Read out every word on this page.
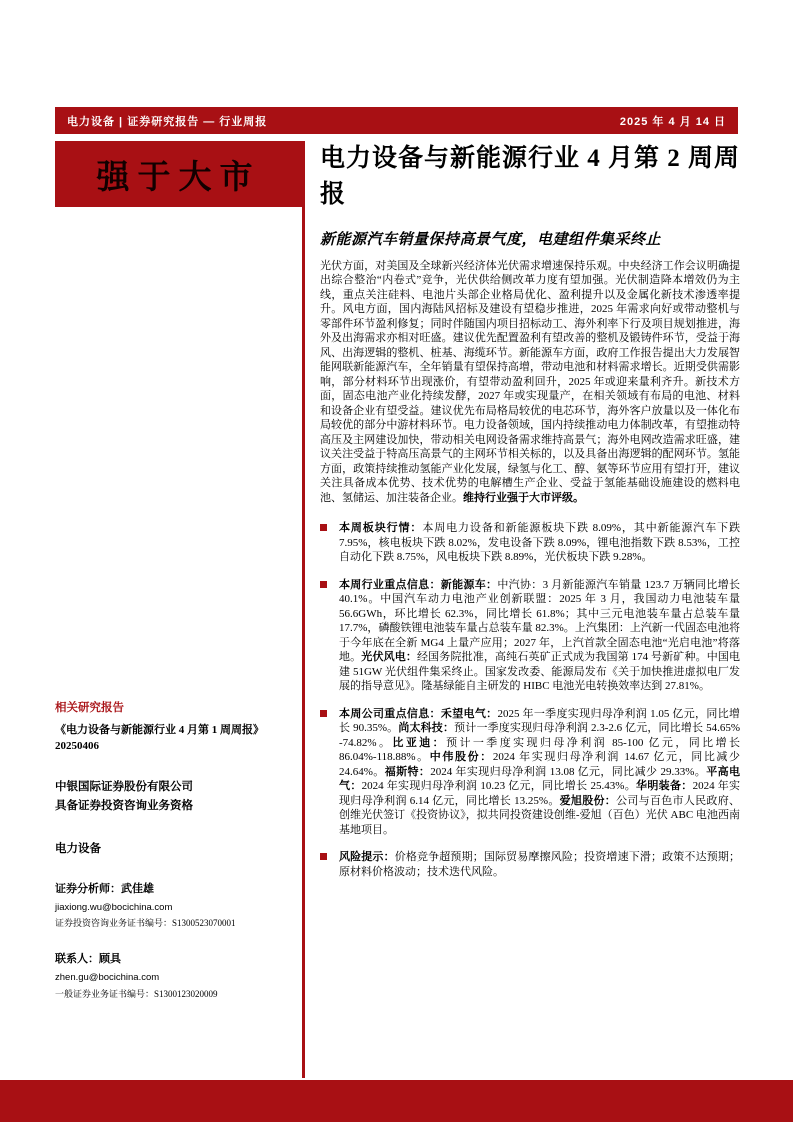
电力设备 | 证券研究报告 — 行业周报	2025 年 4 月 14 日
强于大市
电力设备与新能源行业 4 月第 2 周周报
新能源汽车销量保持高景气度，电建组件集采终止

光伏方面，对美国及全球新兴经济体光伏需求增速保持乐观。中央经济工作会议明确提出综合整治“内卷式”竞争，光伏供给侧改革力度有望加强。光伏制造降本增效仍为主线，重点关注硅料、电池片头部企业格局优化、盈利提升以及金属化新技术渗透率提升。风电方面，国内海陆风招标及建设有望稳步推进，2025 年需求向好或带动整机与零部件环节盈利修复；同时伴随国内项目招标动工、海外利率下行及项目规划推进，海外及出海需求亦相对旺盛。建议优先配置盈利有望改善的整机及锻铸件环节，受益于海风、出海逻辑的整机、桩基、海缆环节。新能源车方面，政府工作报告提出大力发展智能网联新能源汽车，全年销量有望保持高增，带动电池和材料需求增长。近期受供需影响，部分材料环节出现涨价，有望带动盈利回升，2025 年或迎来量利齐升。新技术方面，固态电池产业化持续发酵，2027 年或实现量产，在相关领域有布局的电池、材料和设备企业有望受益。建议优先布局格局较优的电芯环节，海外客户放量以及一体化布局较优的部分中游材料环节。电力设备领域，国内持续推动电力体制改革，有望推动特高压及主网建设加快，带动相关电网设备需求维持高景气；海外电网改造需求旺盛，建议关注受益于特高压高景气的主网环节相关标的，以及具备出海逻辑的配网环节。氢能方面，政策持续推动氢能产业化发展，绿氢与化工、醇、氨等环节应用有望打开，建议关注具备成本优势、技术优势的电解槽生产企业、受益于氢能基础设施建设的燃料电池、氢储运、加注装备企业。维持行业强于大市评级。

本周板块行情：本周电力设备和新能源板块下跌 8.09%，其中新能源汽车下跌 7.95%，核电板块下跌 8.02%，发电设备下跌 8.09%，锂电池指数下跌 8.53%，工控自动化下跌 8.75%，风电板块下跌 8.89%，光伏板块下跌 9.28%。
本周行业重点信息：新能源车：中汽协：3 月新能源汽车销量 123.7 万辆同比增长 40.1%。中国汽车动力电池产业创新联盟：2025 年 3 月，我国动力电池装车量 56.6GWh，环比增长 62.3%，同比增长 61.8%；其中三元电池装车量占总装车量 17.7%，磷酸铁锂电池装车量占总装车量 82.3%。上汽集团：上汽新一代固态电池将于今年底在全新 MG4 上量产应用；2027 年，上汽首款全固态电池“光启电池”将落地。光伏风电：经国务院批准，高纯石英矿正式成为我国第 174 号新矿种。中国电建 51GW 光伏组件集采终止。国家发改委、能源局发布《关于加快推进虚拟电厂发展的指导意见》。隆基绿能自主研发的 HIBC 电池光电转换效率达到 27.81%。
本周公司重点信息：禾望电气：2025 年一季度实现归母净利润 1.05 亿元，同比增长 90.35%。尚太科技：预计一季度实现归母净利润 2.3-2.6 亿元，同比增长 54.65% -74.82%。比亚迪：预计一季度实现归母净利润 85-100 亿元，同比增长 86.04%-118.88%。中伟股份：2024 年实现归母净利润 14.67 亿元，同比减少 24.64%。福斯特：2024 年实现归母净利润 13.08 亿元，同比减少 29.33%。平高电气：2024 年实现归母净利润 10.23 亿元，同比增长 25.43%。华明装备：2024 年实现归母净利润 6.14 亿元，同比增长 13.25%。爱旭股份：公司与百色市人民政府、创维光伏签订《投资协议》，拟共同投资建设创维-爱旭（百色）光伏 ABC 电池西南基地项目。
风险提示：价格竞争超预期；国际贸易摩擦风险；投资增速下滑；政策不达预期；原材料价格波动；技术迭代风险。
相关研究报告
《电力设备与新能源行业 4 月第 1 周周报》20250406
中银国际证券股份有限公司
具备证券投资咨询业务资格
电力设备
证券分析师：武佳雄
jiaxiong.wu@bocichina.com
证券投资咨询业务证书编号：S1300523070001
联系人：顾具
zhen.gu@bocichina.com
一般证券业务证书编号：S1300123020009
